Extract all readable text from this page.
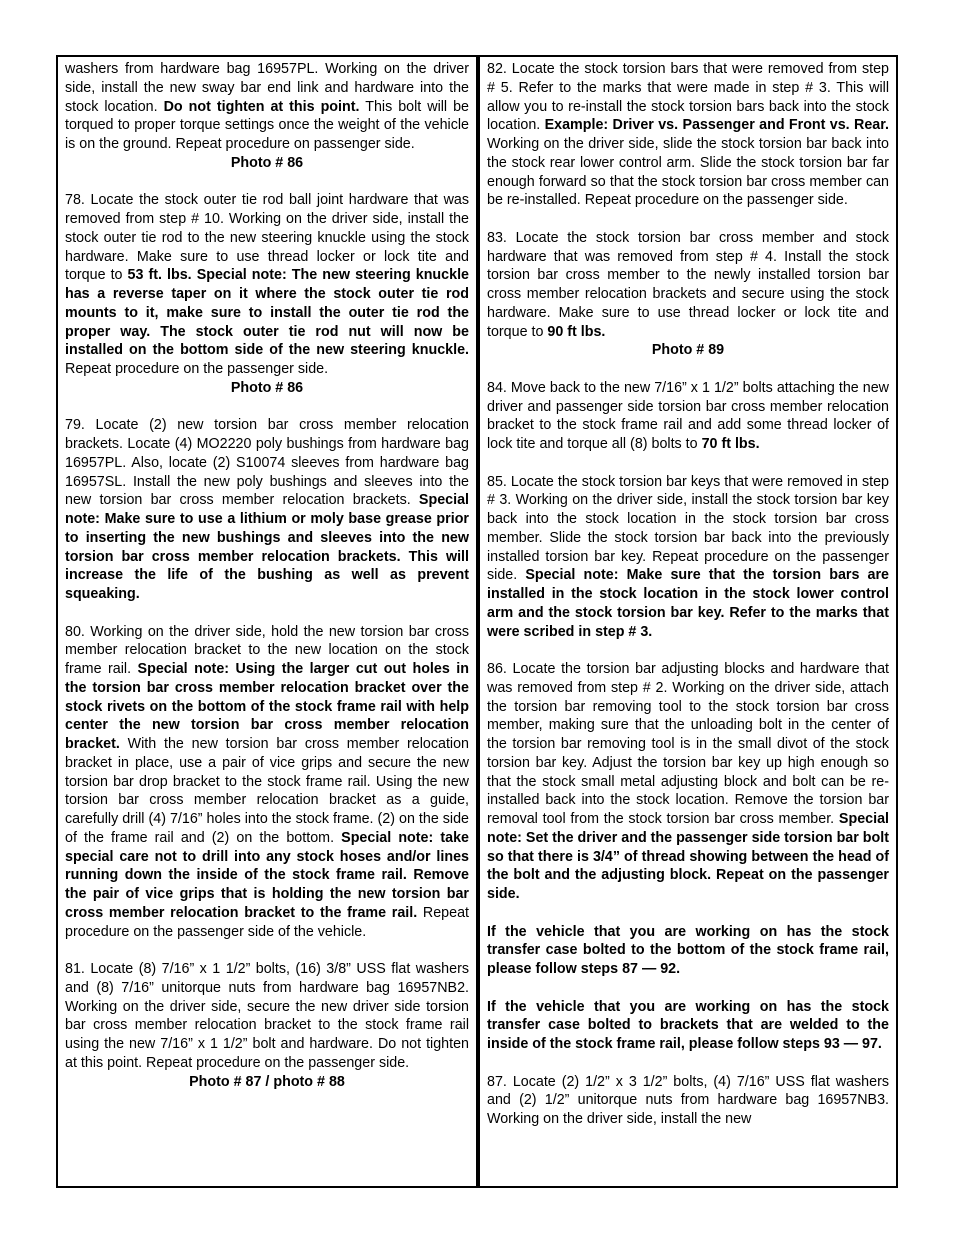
washers from hardware bag 16957PL. Working on the driver side, install the new sway bar end link and hardware into the stock location. Do not tighten at this point. This bolt will be torqued to proper torque settings once the weight of the vehicle is on the ground. Repeat procedure on passenger side.
Photo # 86

78. Locate the stock outer tie rod ball joint hardware that was removed from step # 10. Working on the driver side, install the stock outer tie rod to the new steering knuckle using the stock hardware. Make sure to use thread locker or lock tite and torque to 53 ft. lbs. Special note: The new steering knuckle has a reverse taper on it where the stock outer tie rod mounts to it, make sure to install the outer tie rod the proper way. The stock outer tie rod nut will now be installed on the bottom side of the new steering knuckle. Repeat procedure on the passenger side.
Photo # 86

79. Locate (2) new torsion bar cross member relocation brackets. Locate (4) MO2220 poly bushings from hardware bag 16957PL. Also, locate (2) S10074 sleeves from hardware bag 16957SL. Install the new poly bushings and sleeves into the new torsion bar cross member relocation brackets. Special note: Make sure to use a lithium or moly base grease prior to inserting the new bushings and sleeves into the new torsion bar cross member relocation brackets. This will increase the life of the bushing as well as prevent squeaking.

80. Working on the driver side, hold the new torsion bar cross member relocation bracket to the new location on the stock frame rail. Special note: Using the larger cut out holes in the torsion bar cross member relocation bracket over the stock rivets on the bottom of the stock frame rail with help center the new torsion bar cross member relocation bracket. With the new torsion bar cross member relocation bracket in place, use a pair of vice grips and secure the new torsion bar drop bracket to the stock frame rail. Using the new torsion bar cross member relocation bracket as a guide, carefully drill (4) 7/16” holes into the stock frame. (2) on the side of the frame rail and (2) on the bottom. Special note: take special care not to drill into any stock hoses and/or lines running down the inside of the stock frame rail. Remove the pair of vice grips that is holding the new torsion bar cross member relocation bracket to the frame rail. Repeat procedure on the passenger side of the vehicle.

81. Locate (8) 7/16” x 1 1/2” bolts, (16) 3/8” USS flat washers and (8) 7/16” unitorque nuts from hardware bag 16957NB2. Working on the driver side, secure the new driver side torsion bar cross member relocation bracket to the stock frame rail using the new 7/16” x 1 1/2” bolt and hardware. Do not tighten at this point. Repeat procedure on the passenger side.
Photo # 87 / photo # 88

82. Locate the stock torsion bars that were removed from step # 5. Refer to the marks that were made in step # 3. This will allow you to re-install the stock torsion bars back into the stock location. Example: Driver vs. Passenger and Front vs. Rear. Working on the driver side, slide the stock torsion bar back into the stock rear lower control arm. Slide the stock torsion bar far enough forward so that the stock torsion bar cross member can be re-installed. Repeat procedure on the passenger side.

83. Locate the stock torsion bar cross member and stock hardware that was removed from step # 4. Install the stock torsion bar cross member to the newly installed torsion bar cross member relocation brackets and secure using the stock hardware. Make sure to use thread locker or lock tite and torque to 90 ft lbs.
Photo # 89

84. Move back to the new 7/16” x 1 1/2” bolts attaching the new driver and passenger side torsion bar cross member relocation bracket to the stock frame rail and add some thread locker of lock tite and torque all (8) bolts to 70 ft lbs.

85. Locate the stock torsion bar keys that were removed in step # 3. Working on the driver side, install the stock torsion bar key back into the stock location in the stock torsion bar cross member. Slide the stock torsion bar back into the previously installed torsion bar key. Repeat procedure on the passenger side. Special note: Make sure that the torsion bars are installed in the stock location in the stock lower control arm and the stock torsion bar key. Refer to the marks that were scribed in step # 3.

86. Locate the torsion bar adjusting blocks and hardware that was removed from step # 2. Working on the driver side, attach the torsion bar removing tool to the stock torsion bar cross member, making sure that the unloading bolt in the center of the torsion bar removing tool is in the small divot of the stock torsion bar key. Adjust the torsion bar key up high enough so that the stock small metal adjusting block and bolt can be re-installed back into the stock location. Remove the torsion bar removal tool from the stock torsion bar cross member. Special note: Set the driver and the passenger side torsion bar bolt so that there is 3/4” of thread showing between the head of the bolt and the adjusting block. Repeat on the passenger side.

If the vehicle that you are working on has the stock transfer case bolted to the bottom of the stock frame rail, please follow steps 87 — 92.

If the vehicle that you are working on has the stock transfer case bolted to brackets that are welded to the inside of the stock frame rail, please follow steps 93 — 97.

87. Locate (2) 1/2” x 3 1/2” bolts, (4) 7/16” USS flat washers and (2) 1/2” unitorque nuts from hardware bag 16957NB3. Working on the driver side, install the new
